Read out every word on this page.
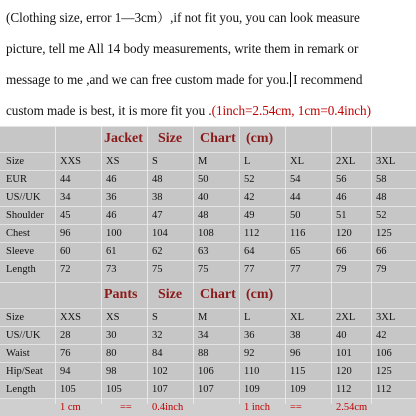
(Clothing size, error 1—3cm）,if not fit you, you can look measure
picture, tell me All 14 body measurements, write them in remark or
message to me ,and we can free custom made for you. I recommend
custom made is best, it is more fit you .(1inch=2.54cm, 1cm=0.4inch)
Jacket Size Chart (cm)
Size	XXS XS	S	M	L	XL	2XL 3XL
EUR	44	46	48	50	52	54	56	58
US//UK 34	36	38	40	42	44	46	48
Shoulder 45	46	47	48	49	50	51	52
Chest	96	100	104	108	112	116	120 125
Sleeve 60	61	62	63	64	65	66	66
Length 72	73	75	75	77	77	79	79
Pants Size Chart (cm)
Size	XXS XS	S	M	L	XL	2XL 3XL
US//UK 28	30	32	34	36	38	40	42
Waist	76	80	84	88	92	96	101 106
Hip/Seat 94	98	102	106	110	115	120 125
Length 105	105	107	107	109	109	112 112
1 cm	== 0.4inch	1 inch ==	2.54cm
